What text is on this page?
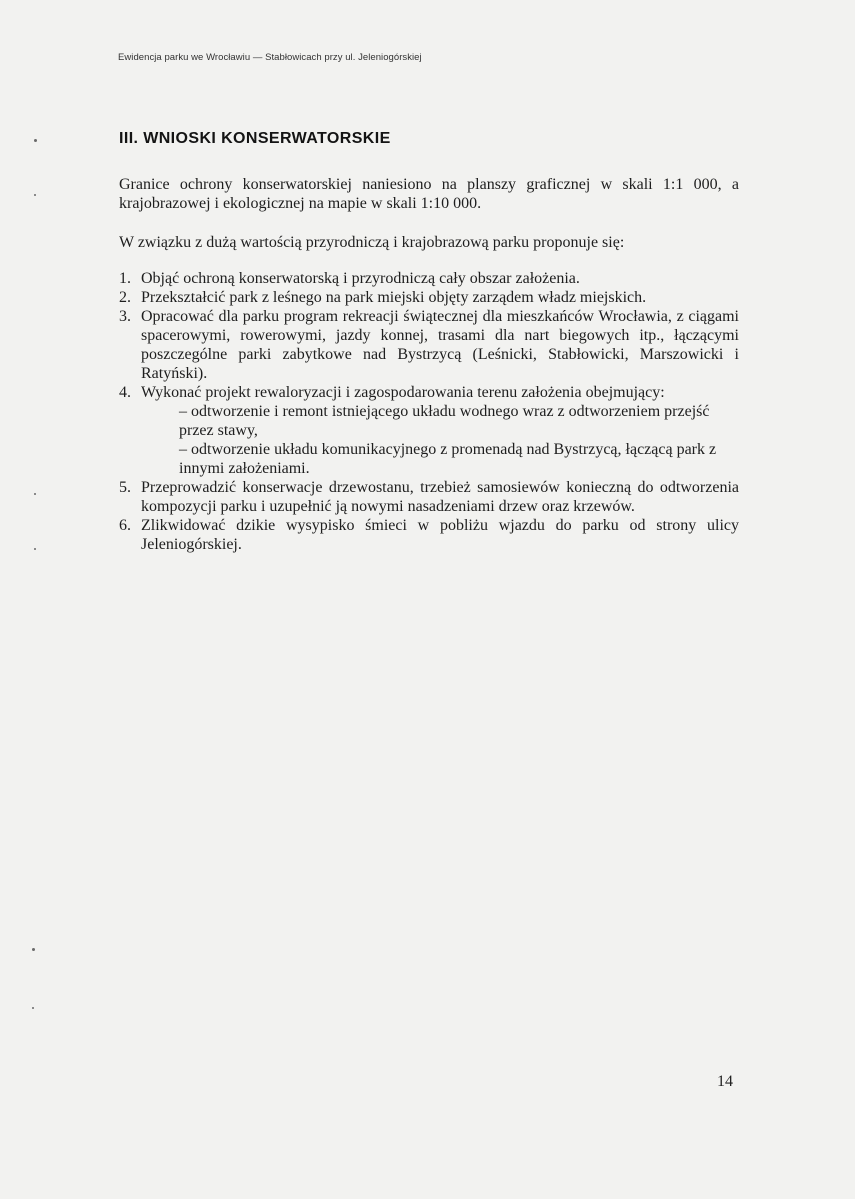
Ewidencja parku we Wrocławiu — Stabłowicach przy ul. Jeleniogórskiej
III. WNIOSKI KONSERWATORSKIE
Granice ochrony konserwatorskiej naniesiono na planszy graficznej w skali 1:1 000, a krajobrazowej i ekologicznej na mapie w skali 1:10 000.
W związku z dużą wartością przyrodniczą i krajobrazową parku proponuje się:
1. Objąć ochroną konserwatorską i przyrodniczą cały obszar założenia.
2. Przekształcić park z leśnego na park miejski objęty zarządem władz miejskich.
3. Opracować dla parku program rekreacji świątecznej dla mieszkańców Wrocławia, z ciągami spacerowymi, rowerowymi, jazdy konnej, trasami dla nart biegowych itp., łączącymi poszczególne parki zabytkowe nad Bystrzycą (Leśnicki, Stabłowicki, Marszowicki i Ratyński).
4. Wykonać projekt rewaloryzacji i zagospodarowania terenu założenia obejmujący:
– odtworzenie i remont istniejącego układu wodnego wraz z odtworzeniem przejść przez stawy,
– odtworzenie układu komunikacyjnego z promenadą nad Bystrzycą, łączącą park z innymi założeniami.
5. Przeprowadzić konserwacje drzewostanu, trzebież samosiewów konieczną do odtworzenia kompozycji parku i uzupełnić ją nowymi nasadzeniami drzew oraz krzewów.
6. Zlikwidować dzikie wysypisko śmieci w pobliżu wjazdu do parku od strony ulicy Jeleniogórskiej.
14
